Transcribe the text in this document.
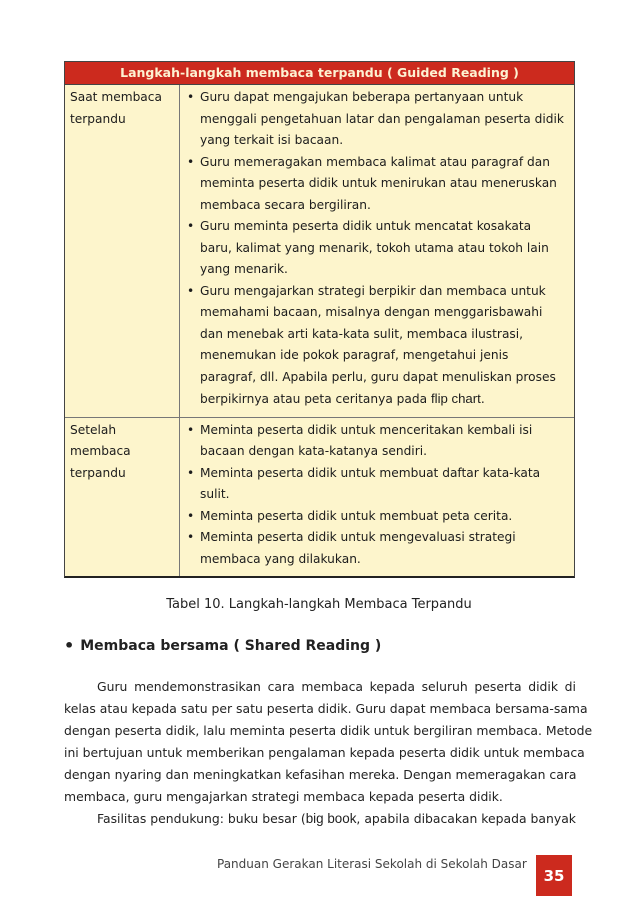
Langkah-langkah membaca terpandu ( Guided Reading )
Saat membaca
terpandu
• Guru dapat mengajukan beberapa pertanyaan untuk
menggali pengetahuan latar dan pengalaman peserta didik
yang terkait isi bacaan.
• Guru memeragakan membaca kalimat atau paragraf dan
meminta peserta didik untuk menirukan atau meneruskan
membaca secara bergiliran.
• Guru meminta peserta didik untuk mencatat kosakata
baru, kalimat yang menarik, tokoh utama atau tokoh lain
yang menarik.
• Guru mengajarkan strategi berpikir dan membaca untuk
memahami bacaan, misalnya dengan menggarisbawahi
dan menebak arti kata-kata sulit, membaca ilustrasi,
menemukan ide pokok paragraf, mengetahui jenis
paragraf, dll. Apabila perlu, guru dapat menuliskan proses
berpikirnya atau peta ceritanya pada flip chart.
Setelah
membaca
terpandu
• Meminta peserta didik untuk menceritakan kembali isi
bacaan dengan kata-katanya sendiri.
• Meminta peserta didik untuk membuat daftar kata-kata
sulit.
• Meminta peserta didik untuk membuat peta cerita.
• Meminta peserta didik untuk mengevaluasi strategi
membaca yang dilakukan.
Tabel 10. Langkah-langkah Membaca Terpandu
• Membaca bersama ( Shared Reading )
Guru mendemonstrasikan cara membaca kepada seluruh peserta didik di
kelas atau kepada satu per satu peserta didik. Guru dapat membaca bersama-sama
dengan peserta didik, lalu meminta peserta didik untuk bergiliran membaca. Metode
ini bertujuan untuk memberikan pengalaman kepada peserta didik untuk membaca
dengan nyaring dan meningkatkan kefasihan mereka. Dengan memeragakan cara
membaca, guru mengajarkan strategi membaca kepada peserta didik.
Fasilitas pendukung: buku besar (big book, apabila dibacakan kepada banyak
Panduan Gerakan Literasi Sekolah di Sekolah Dasar
35
